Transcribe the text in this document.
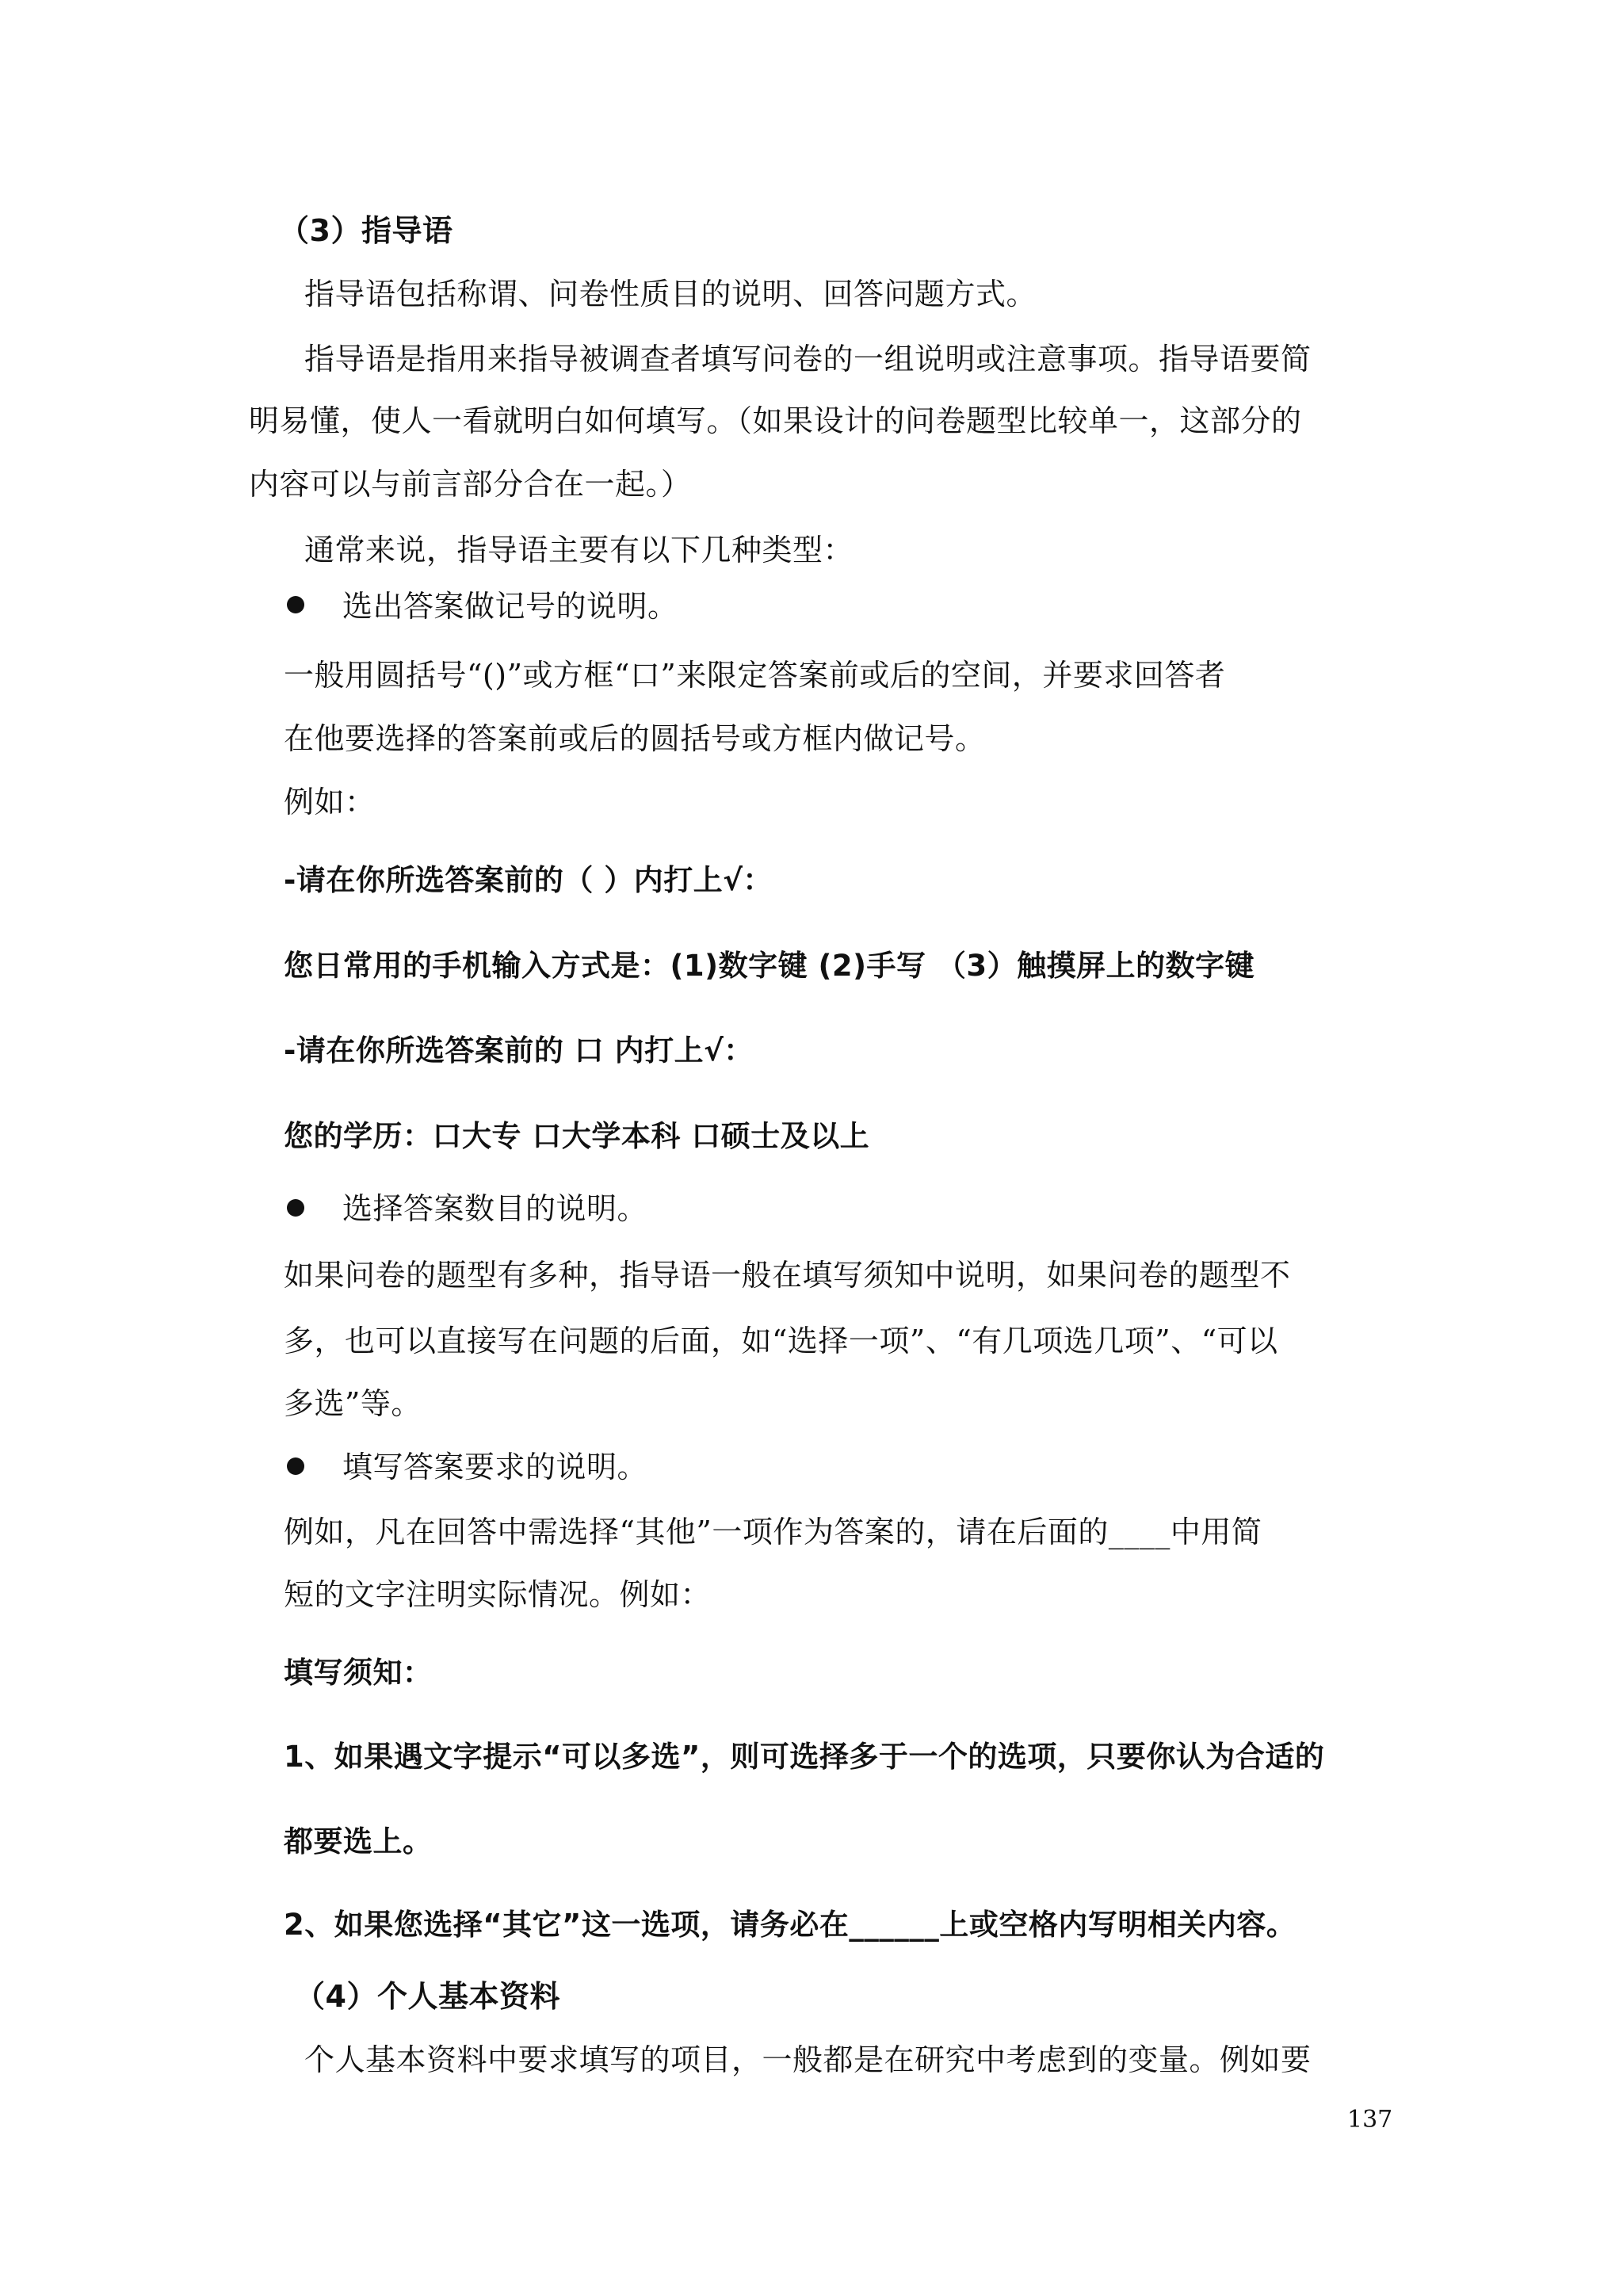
（3）指导语
指导语包括称谓、问卷性质目的说明、回答问题方式。
指导语是指用来指导被调查者填写问卷的一组说明或注意事项。指导语要简
明易懂，使人一看就明白如何填写。（如果设计的问卷题型比较单一，这部分的
内容可以与前言部分合在一起。）
通常来说，指导语主要有以下几种类型：
选出答案做记号的说明。
一般用圆括号“()”或方框“口”来限定答案前或后的空间，并要求回答者
在他要选择的答案前或后的圆括号或方框内做记号。
例如：
-请在你所选答案前的（ ）内打上√：
您日常用的手机输入方式是：(1)数字键 (2)手写 （3）触摸屏上的数字键
-请在你所选答案前的 口 内打上√：
您的学历：口大专 口大学本科 口硕士及以上
选择答案数目的说明。
如果问卷的题型有多种，指导语一般在填写须知中说明，如果问卷的题型不
多，也可以直接写在问题的后面，如“选择一项”、“有几项选几项”、“可以
多选”等。
填写答案要求的说明。
例如，凡在回答中需选择“其他”一项作为答案的，请在后面的____中用简
短的文字注明实际情况。例如：
填写须知：
1、如果遇文字提示“可以多选”，则可选择多于一个的选项，只要你认为合适的
都要选上。
2、如果您选择“其它”这一选项，请务必在______上或空格内写明相关内容。
（4）个人基本资料
个人基本资料中要求填写的项目，一般都是在研究中考虑到的变量。例如要
137
